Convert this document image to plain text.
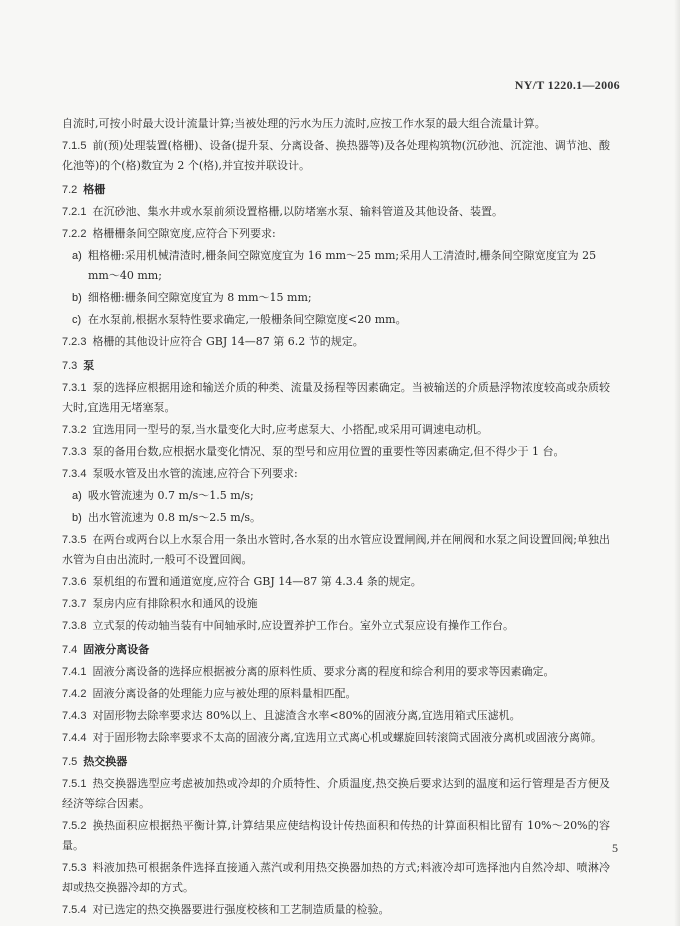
NY/T 1220.1—2006
自流时,可按小时最大设计流量计算;当被处理的污水为压力流时,应按工作水泵的最大组合流量计算。
7.1.5 前(预)处理装置(格栅)、设备(提升泵、分离设备、换热器等)及各处理构筑物(沉砂池、沉淀池、调节池、酸化池等)的个(格)数宜为 2 个(格),并宜按并联设计。
7.2 格栅
7.2.1 在沉砂池、集水井或水泵前须设置格栅,以防堵塞水泵、输料管道及其他设备、装置。
7.2.2 格栅栅条间空隙宽度,应符合下列要求:
a) 粗格栅:采用机械清渣时,栅条间空隙宽度宜为 16 mm～25 mm;采用人工清渣时,栅条间空隙宽度宜为 25 mm～40 mm;
b) 细格栅:栅条间空隙宽度宜为 8 mm～15 mm;
c) 在水泵前,根据水泵特性要求确定,一般栅条间空隙宽度<20 mm。
7.2.3 格栅的其他设计应符合 GBJ 14—87 第 6.2 节的规定。
7.3 泵
7.3.1 泵的选择应根据用途和输送介质的种类、流量及扬程等因素确定。当被输送的介质悬浮物浓度较高或杂质较大时,宜选用无堵塞泵。
7.3.2 宜选用同一型号的泵,当水量变化大时,应考虑泵大、小搭配,或采用可调速电动机。
7.3.3 泵的备用台数,应根据水量变化情况、泵的型号和应用位置的重要性等因素确定,但不得少于 1 台。
7.3.4 泵吸水管及出水管的流速,应符合下列要求:
a) 吸水管流速为 0.7 m/s～1.5 m/s;
b) 出水管流速为 0.8 m/s～2.5 m/s。
7.3.5 在两台或两台以上水泵合用一条出水管时,各水泵的出水管应设置闸阀,并在闸阀和水泵之间设置回阀;单独出水管为自由出流时,一般可不设置回阀。
7.3.6 泵机组的布置和通道宽度,应符合 GBJ 14—87 第 4.3.4 条的规定。
7.3.7 泵房内应有排除积水和通风的设施
7.3.8 立式泵的传动轴当装有中间轴承时,应设置养护工作台。室外立式泵应设有操作工作台。
7.4 固液分离设备
7.4.1 固液分离设备的选择应根据被分离的原料性质、要求分离的程度和综合利用的要求等因素确定。
7.4.2 固液分离设备的处理能力应与被处理的原料量相匹配。
7.4.3 对固形物去除率要求达 80%以上、且滤渣含水率<80%的固液分离,宜选用箱式压滤机。
7.4.4 对于固形物去除率要求不太高的固液分离,宜选用立式离心机或螺旋回转滚筒式固液分离机或固液分离筛。
7.5 热交换器
7.5.1 热交换器选型应考虑被加热或冷却的介质特性、介质温度,热交换后要求达到的温度和运行管理是否方便及经济等综合因素。
7.5.2 换热面积应根据热平衡计算,计算结果应使结构设计传热面积和传热的计算面积相比留有 10%～20%的容量。
7.5.3 料液加热可根据条件选择直接通入蒸汽或利用热交换器加热的方式;料液冷却可选择池内自然冷却、喷淋冷却或热交换器冷却的方式。
7.5.4 对已选定的热交换器要进行强度校核和工艺制造质量的检验。
5
